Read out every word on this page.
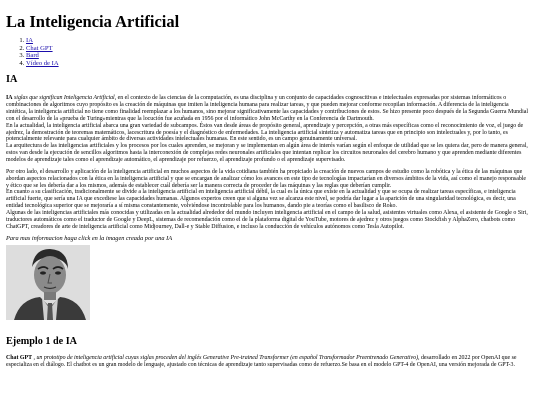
La Inteligencia Artificial
1. IA
2. Chat GPT
3. Bard
4. Vídeo de IA
IA

IA siglas que significan Inteligencia Artificial, en el contexto de las ciencias de la computación, es una disciplina y un conjunto de capacidades cognoscitivas e intelectuales expresadas por sistemas informáticos o combinaciones de algoritmos cuyo propósito es la creación de máquinas que imiten la inteligencia humana para realizar tareas, y que pueden mejorar conforme recopilan información. A diferencia de la inteligencia sintética, la inteligencia artificial no tiene como finalidad reemplazar a los humanos, sino mejorar significativamente las capacidades y contribuciones de estos. Se hizo presente poco después de la Segunda Guerra Mundial con el desarrollo de la «prueba de Turing»mientras que la locución fue acuñada en 1956 por el informático John McCarthy en la Conferencia de Dartmouth.

En la actualidad, la inteligencia artificial abarca una gran variedad de subcampos. Éstos van desde áreas de propósito general, aprendizaje y percepción, a otras más específicas como el reconocimiento de voz, el juego de ajedrez, la demostración de teoremas matemáticos, lacescritura de poesía y el diagnóstico de enfermedades. La inteligencia artificial sintetiza y automatiza tareas que en principio son intelectuales y, por lo tanto, es potencialmente relevante para cualquier ámbito de diversas actividades intelectuales humanas. En este sentido, es un campo genuinamente universal.

La arquitectura de las inteligencias artificiales y los procesos por los cuales aprenden, se mejoran y se implementan en algún área de interés varían según el enfoque de utilidad que se les quiera dar, pero de manera general, estos van desde la ejecución de sencillos algoritmos hasta la interconexión de complejas redes neuronales artificiales que intentan replicar los circuitos neuronales del cerebro humano y que aprenden mediante diferentes modelos de aprendizaje tales como el aprendizaje automático, el aprendizaje por refuerzo, el aprendizaje profundo o el aprendizaje supervisado.

Por otro lado, el desarrollo y aplicación de la inteligencia artificial en muchos aspectos de la vida cotidiana también ha propiciado la creación de nuevos campos de estudio como la robótica y la ética de las máquinas que abordan aspectos relacionados con la ética en la inteligencia artificial y que se encargan de analizar cómo los avances en este tipo de tecnologías impactarían en diversos ámbitos de la vida, así como el manejo responsable y ético que se les debería dar a los mismos, además de establecer cuál debería ser la manera correcta de proceder de las máquinas y las reglas que deberían cumplir.

En cuanto a su clasificación, tradicionalmente se divide a la inteligencia artificial en inteligencia artificial débil, la cual es la única que existe en la actualidad y que se ocupa de realizar tareas específicas, e inteligencia artificial fuerte, que sería una IA que excediese las capacidades humanas. Algunos expertos creen que si alguna vez se alcanza este nivel, se podría dar lugar a la aparición de una singularidad tecnológica, es decir, una entidad tecnológica superior que se mejoraría a sí misma constantemente, volviéndose incontrolable para los humanos, dando pie a teorías como el basilisco de Roko.

Algunas de las inteligencias artificiales más conocidas y utilizadas en la actualidad alrededor del mundo incluyen inteligencia artificial en el campo de la salud, asistentes virtuales como Alexa, el asistente de Google o Siri, traductores automáticos como el traductor de Google y DeepL, sistemas de recomendación como el de la plataforma digital de YouTube, motores de ajedrez y otros juegos como Stockfish y AlphaZero, chatbots como ChatGPT, creadores de arte de inteligencia artificial como Midjourney, Dall-e y Stable Diffusion, e incluso la conducción de vehículos autónomos como Tesla Autopilot.

Para mas informacion haga click en la imagen creada por una IA

Ejemplo 1 de IA

Chat GPT , un prototipo de inteligencia artificial cuyas siglas proceden del inglés Generative Pre-trained Transformer (en español Transformador Preentrenado Generativo), desarrollado en 2022 por OpenAI que se especializa en el diálogo. El chatbot es un gran modelo de lenguaje, ajustado con técnicas de aprendizaje tanto supervisadas como de refuerzo.Se basa en el modelo GPT-4 de OpenAI, una versión mejorada de GPT-3.
